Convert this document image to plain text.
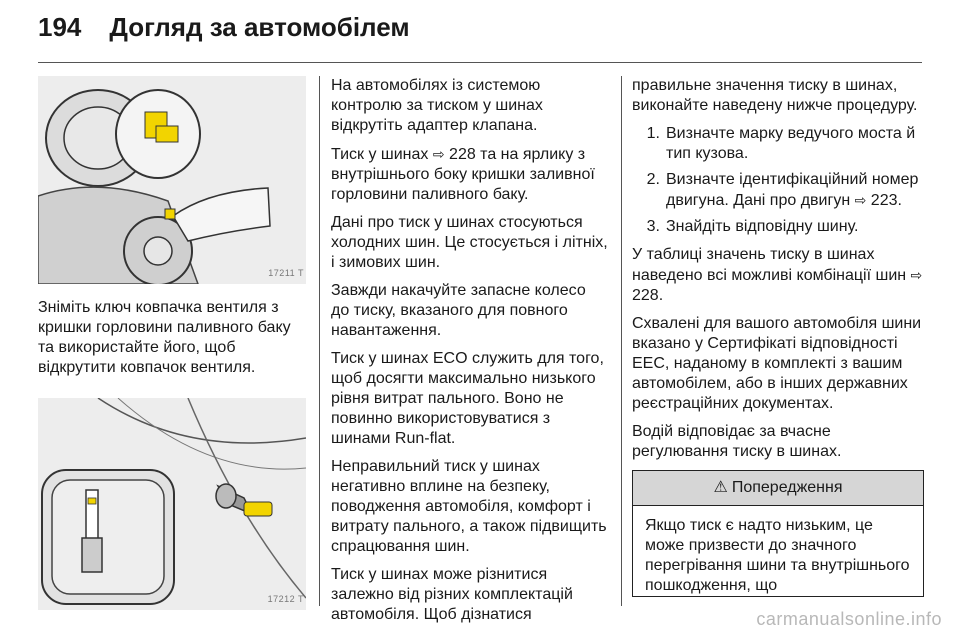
194 Догляд за автомобілем
17211 T

Зніміть ключ ковпачка вентиля з кришки горловини паливного баку та використайте його, щоб відкрутити ковпачок вентиля.

17212 T

На автомобілях із системою контролю за тиском у шинах відкрутіть адаптер клапана.

Тиск у шинах ⇨ 228 та на ярлику з внутрішнього боку кришки заливної горловини паливного баку.

Дані про тиск у шинах стосуються холодних шин. Це стосується і літніх, і зимових шин.

Завжди накачуйте запасне колесо до тиску, вказаного для повного навантаження.

Тиск у шинах ECO служить для того, щоб досягти максимально низького рівня витрат пального. Воно не повинно використовуватися з шинами Run-flat.

Неправильний тиск у шинах негативно вплине на безпеку, поводження автомобіля, комфорт і витрату пального, а також підвищить спрацювання шин.

Тиск у шинах може різнитися залежно від різних комплектацій автомобіля. Щоб дізнатися

правильне значення тиску в шинах, виконайте наведену нижче процедуру.

1. Визначте марку ведучого моста й тип кузова.
2. Визначте ідентифікаційний номер двигуна. Дані про двигун ⇨ 223.
3. Знайдіть відповідну шину.

У таблиці значень тиску в шинах наведено всі можливі комбінації шин ⇨ 228.

Схвалені для вашого автомобіля шини вказано у Сертифікаті відповідності ЕЕС, наданому в комплекті з вашим автомобілем, або в інших державних реєстраційних документах.

Водій відповідає за вчасне регулювання тиску в шинах.

⚠ Попередження
Якщо тиск є надто низьким, це може призвести до значного перегрівання шини та внутрішнього пошкодження, що
carmanualsonline.info
